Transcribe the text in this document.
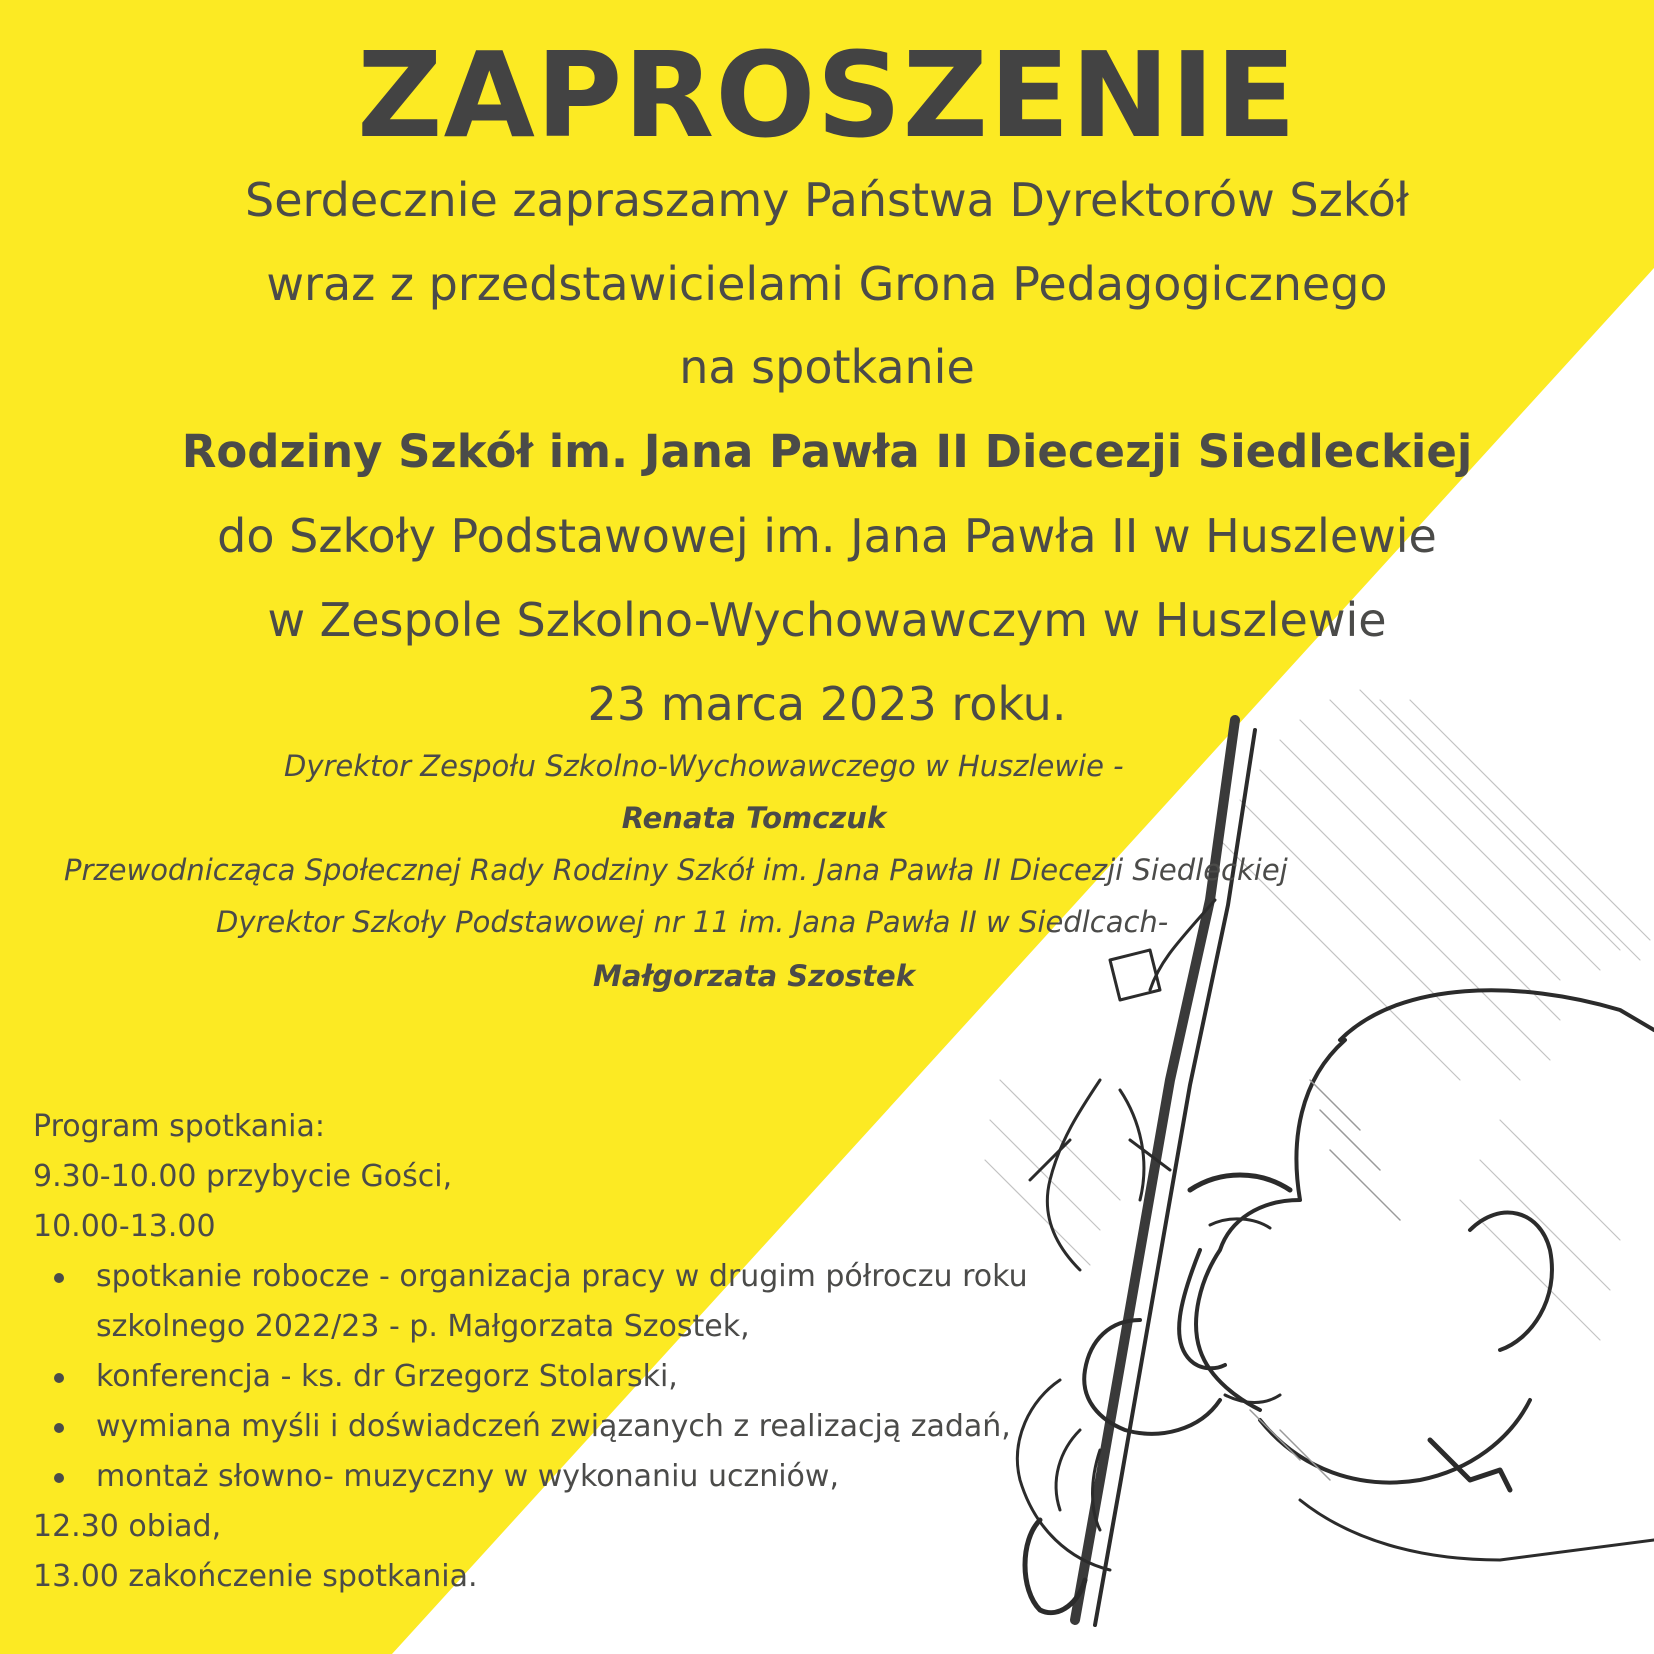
ZAPROSZENIE
Serdecznie zapraszamy Państwa Dyrektorów Szkół
wraz z przedstawicielami Grona Pedagogicznego
na spotkanie
Rodziny Szkół im. Jana Pawła II Diecezji Siedleckiej
do Szkoły Podstawowej im. Jana Pawła II w Huszlewie
w Zespole Szkolno-Wychowawczym w Huszlewie
23 marca 2023 roku.
Dyrektor Zespołu Szkolno-Wychowawczego w Huszlewie -
Renata Tomczuk
Przewodnicząca Społecznej Rady Rodziny Szkół im. Jana Pawła II Diecezji Siedleckiej
Dyrektor Szkoły Podstawowej nr 11 im. Jana Pawła II w Siedlcach-
Małgorzata Szostek
Program spotkania:
9.30-10.00 przybycie Gości,
10.00-13.00
spotkanie robocze - organizacja pracy w drugim półroczu roku
szkolnego 2022/23 - p. Małgorzata Szostek,
konferencja - ks. dr Grzegorz Stolarski,
wymiana myśli i doświadczeń związanych z realizacją zadań,
montaż słowno- muzyczny w wykonaniu uczniów,
12.30 obiad,
13.00 zakończenie spotkania.
